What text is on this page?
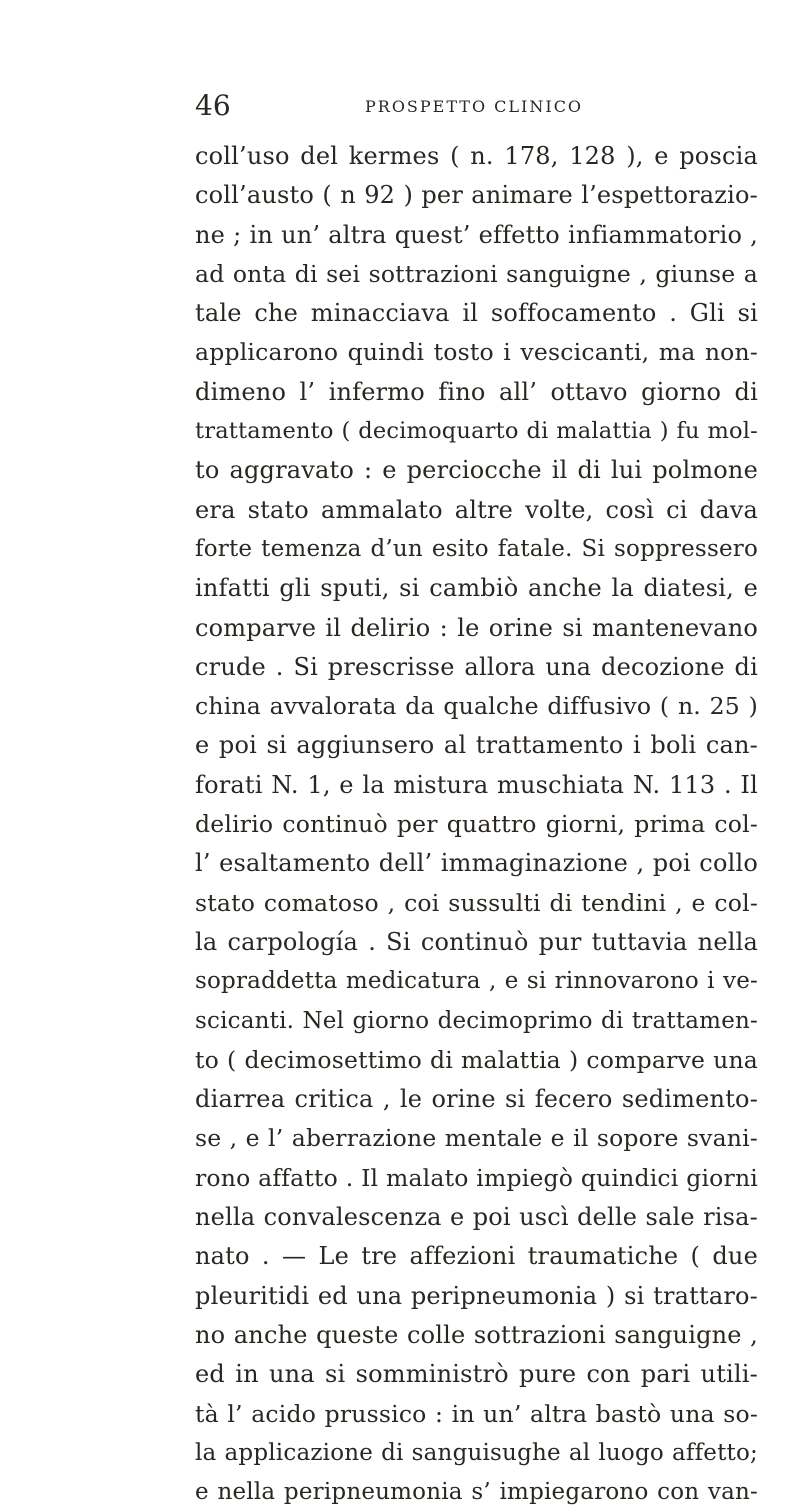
46	PROSPETTO CLINICO
coll’uso del kermes ( n. 178, 128 ), e poscia
coll’austo ( n 92 ) per animare l’espettorazio-
ne ; in un’ altra quest’ effetto infiammatorio ,
ad onta di sei sottrazioni sanguigne , giunse a
tale che minacciava il soffocamento . Gli si
applicarono quindi tosto i vescicanti, ma non-
dimeno l’ infermo fino all’ ottavo giorno di
trattamento ( decimoquarto di malattia ) fu mol-
to aggravato : e perciocche il di lui polmone
era stato ammalato altre volte, così ci dava
forte temenza d’un esito fatale. Si soppressero
infatti gli sputi, si cambiò anche la diatesi, e
comparve il delirio : le orine si mantenevano
crude . Si prescrisse allora una decozione di
china avvalorata da qualche diffusivo ( n. 25 )
e poi si aggiunsero al trattamento i boli can-
forati N. 1, e la mistura muschiata N. 113 . Il
delirio continuò per quattro giorni, prima col-
l’ esaltamento dell’ immaginazione , poi collo
stato comatoso , coi sussulti di tendini , e col-
la carpología . Si continuò pur tuttavia nella
sopraddetta medicatura , e si rinnovarono i ve-
scicanti. Nel giorno decimoprimo di trattamen-
to ( decimosettimo di malattia ) comparve una
diarrea critica , le orine si fecero sedimento-
se , e l’ aberrazione mentale e il sopore svani-
rono affatto . Il malato impiegò quindici giorni
nella convalescenza e poi uscì delle sale risa-
nato . — Le tre affezioni traumatiche ( due
pleuritidi ed una peripneumonia ) si trattaro-
no anche queste colle sottrazioni sanguigne ,
ed in una si somministrò pure con pari utili-
tà l’ acido prussico : in un’ altra bastò una so-
la applicazione di sanguisughe al luogo affetto;
e nella peripneumonia s’ impiegarono con van-
